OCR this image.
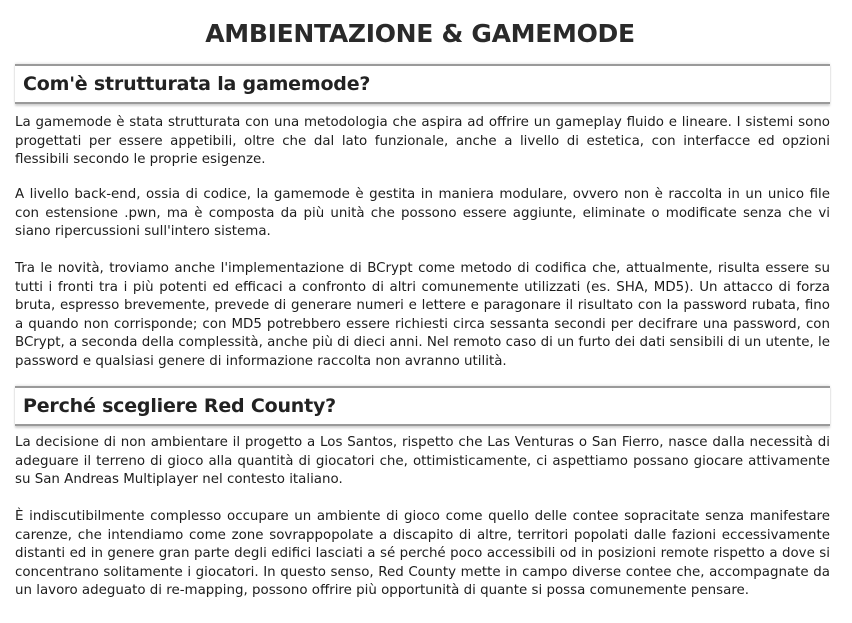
AMBIENTAZIONE & GAMEMODE
Com'è strutturata la gamemode?

La gamemode è stata strutturata con una metodologia che aspira ad offrire un gameplay fluido e lineare. I sistemi sono progettati per essere appetibili, oltre che dal lato funzionale, anche a livello di estetica, con interfacce ed opzioni flessibili secondo le proprie esigenze.

A livello back-end, ossia di codice, la gamemode è gestita in maniera modulare, ovvero non è raccolta in un unico file con estensione .pwn, ma è composta da più unità che possono essere aggiunte, eliminate o modificate senza che vi siano ripercussioni sull'intero sistema.

Tra le novità, troviamo anche l'implementazione di BCrypt come metodo di codifica che, attualmente, risulta essere su tutti i fronti tra i più potenti ed efficaci a confronto di altri comunemente utilizzati (es. SHA, MD5). Un attacco di forza bruta, espresso brevemente, prevede di generare numeri e lettere e paragonare il risultato con la password rubata, fino a quando non corrisponde; con MD5 potrebbero essere richiesti circa sessanta secondi per decifrare una password, con BCrypt, a seconda della complessità, anche più di dieci anni. Nel remoto caso di un furto dei dati sensibili di un utente, le password e qualsiasi genere di informazione raccolta non avranno utilità.

Perché scegliere Red County?

La decisione di non ambientare il progetto a Los Santos, rispetto che Las Venturas o San Fierro, nasce dalla necessità di adeguare il terreno di gioco alla quantità di giocatori che, ottimisticamente, ci aspettiamo possano giocare attivamente su San Andreas Multiplayer nel contesto italiano.

È indiscutibilmente complesso occupare un ambiente di gioco come quello delle contee sopracitate senza manifestare carenze, che intendiamo come zone sovrappopolate a discapito di altre, territori popolati dalle fazioni eccessivamente distanti ed in genere gran parte degli edifici lasciati a sé perché poco accessibili od in posizioni remote rispetto a dove si concentrano solitamente i giocatori. In questo senso, Red County mette in campo diverse contee che, accompagnate da un lavoro adeguato di re-mapping, possono offrire più opportunità di quante si possa comunemente pensare.
